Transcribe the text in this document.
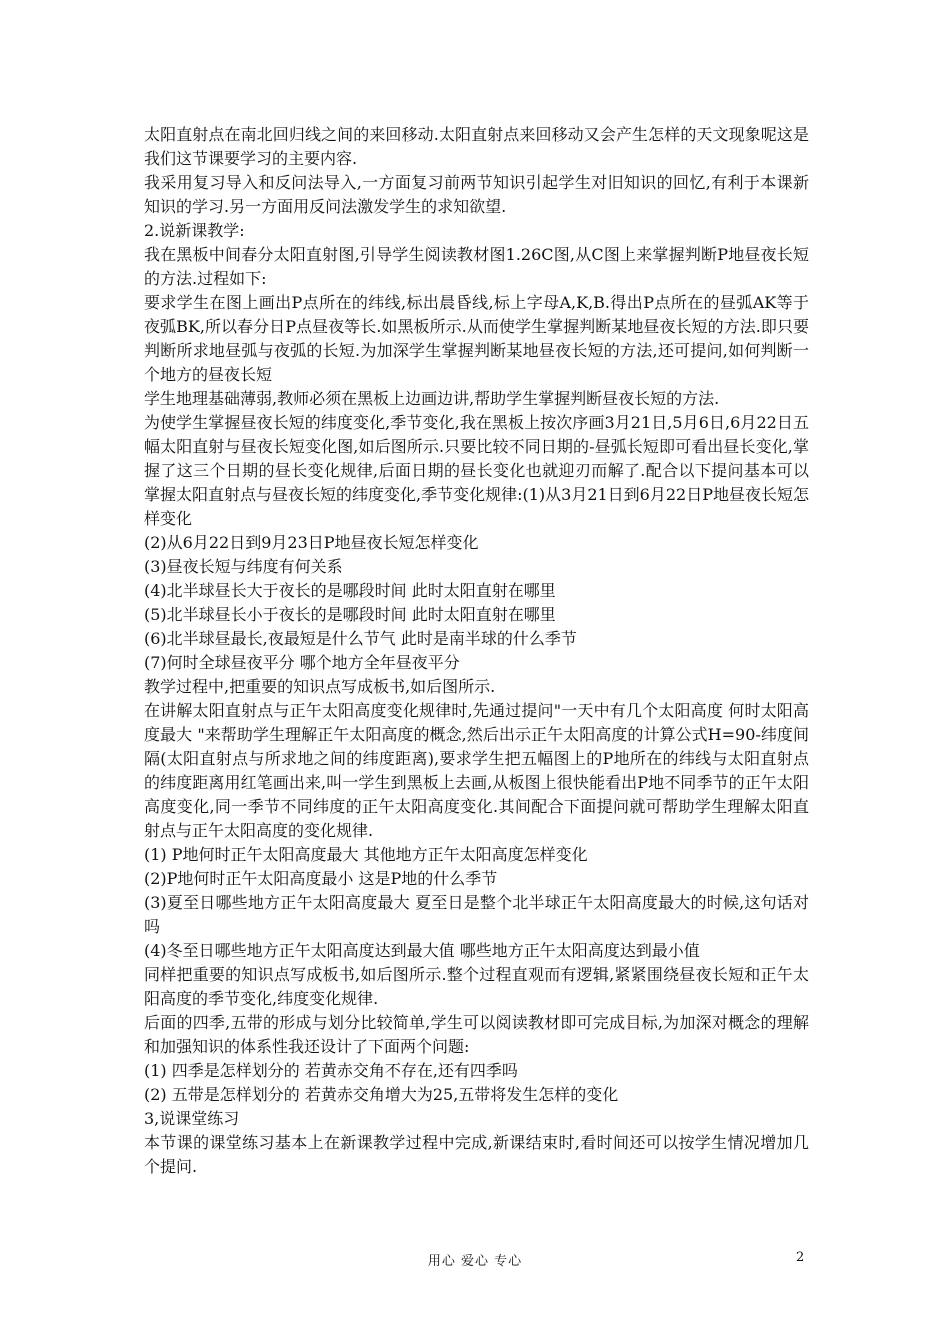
太阳直射点在南北回归线之间的来回移动.太阳直射点来回移动又会产生怎样的天文现象呢这是我们这节课要学习的主要内容.

我采用复习导入和反问法导入,一方面复习前两节知识引起学生对旧知识的回忆,有利于本课新知识的学习.另一方面用反问法激发学生的求知欲望.

2.说新课教学:

我在黑板中间春分太阳直射图,引导学生阅读教材图1.26C图,从C图上来掌握判断P地昼夜长短的方法.过程如下:

要求学生在图上画出P点所在的纬线,标出晨昏线,标上字母A,K,B.得出P点所在的昼弧AK等于夜弧BK,所以春分日P点昼夜等长.如黑板所示.从而使学生掌握判断某地昼夜长短的方法.即只要判断所求地昼弧与夜弧的长短.为加深学生掌握判断某地昼夜长短的方法,还可提问,如何判断一个地方的昼夜长短

学生地理基础薄弱,教师必须在黑板上边画边讲,帮助学生掌握判断昼夜长短的方法.

为使学生掌握昼夜长短的纬度变化,季节变化,我在黑板上按次序画3月21日,5月6日,6月22日五幅太阳直射与昼夜长短变化图,如后图所示.只要比较不同日期的-昼弧长短即可看出昼长变化,掌握了这三个日期的昼长变化规律,后面日期的昼长变化也就迎刃而解了.配合以下提问基本可以掌握太阳直射点与昼夜长短的纬度变化,季节变化规律:(1)从3月21日到6月22日P地昼夜长短怎样变化

(2)从6月22日到9月23日P地昼夜长短怎样变化

(3)昼夜长短与纬度有何关系

(4)北半球昼长大于夜长的是哪段时间 此时太阳直射在哪里

(5)北半球昼长小于夜长的是哪段时间 此时太阳直射在哪里

(6)北半球昼最长,夜最短是什么节气 此时是南半球的什么季节

(7)何时全球昼夜平分 哪个地方全年昼夜平分

教学过程中,把重要的知识点写成板书,如后图所示.

在讲解太阳直射点与正午太阳高度变化规律时,先通过提问"一天中有几个太阳高度 何时太阳高度最大 "来帮助学生理解正午太阳高度的概念,然后出示正午太阳高度的计算公式H=90-纬度间隔(太阳直射点与所求地之间的纬度距离),要求学生把五幅图上的P地所在的纬线与太阳直射点的纬度距离用红笔画出来,叫一学生到黑板上去画,从板图上很快能看出P地不同季节的正午太阳高度变化,同一季节不同纬度的正午太阳高度变化.其间配合下面提问就可帮助学生理解太阳直射点与正午太阳高度的变化规律.

(1) P地何时正午太阳高度最大 其他地方正午太阳高度怎样变化

(2)P地何时正午太阳高度最小 这是P地的什么季节

(3)夏至日哪些地方正午太阳高度最大 夏至日是整个北半球正午太阳高度最大的时候,这句话对吗

(4)冬至日哪些地方正午太阳高度达到最大值 哪些地方正午太阳高度达到最小值

同样把重要的知识点写成板书,如后图所示.整个过程直观而有逻辑,紧紧围绕昼夜长短和正午太阳高度的季节变化,纬度变化规律.

后面的四季,五带的形成与划分比较简单,学生可以阅读教材即可完成目标,为加深对概念的理解和加强知识的体系性我还设计了下面两个问题:

(1) 四季是怎样划分的 若黄赤交角不存在,还有四季吗

(2) 五带是怎样划分的 若黄赤交角增大为25,五带将发生怎样的变化

3,说课堂练习

本节课的课堂练习基本上在新课教学过程中完成,新课结束时,看时间还可以按学生情况增加几个提问.

用心 爱心 专心	2
